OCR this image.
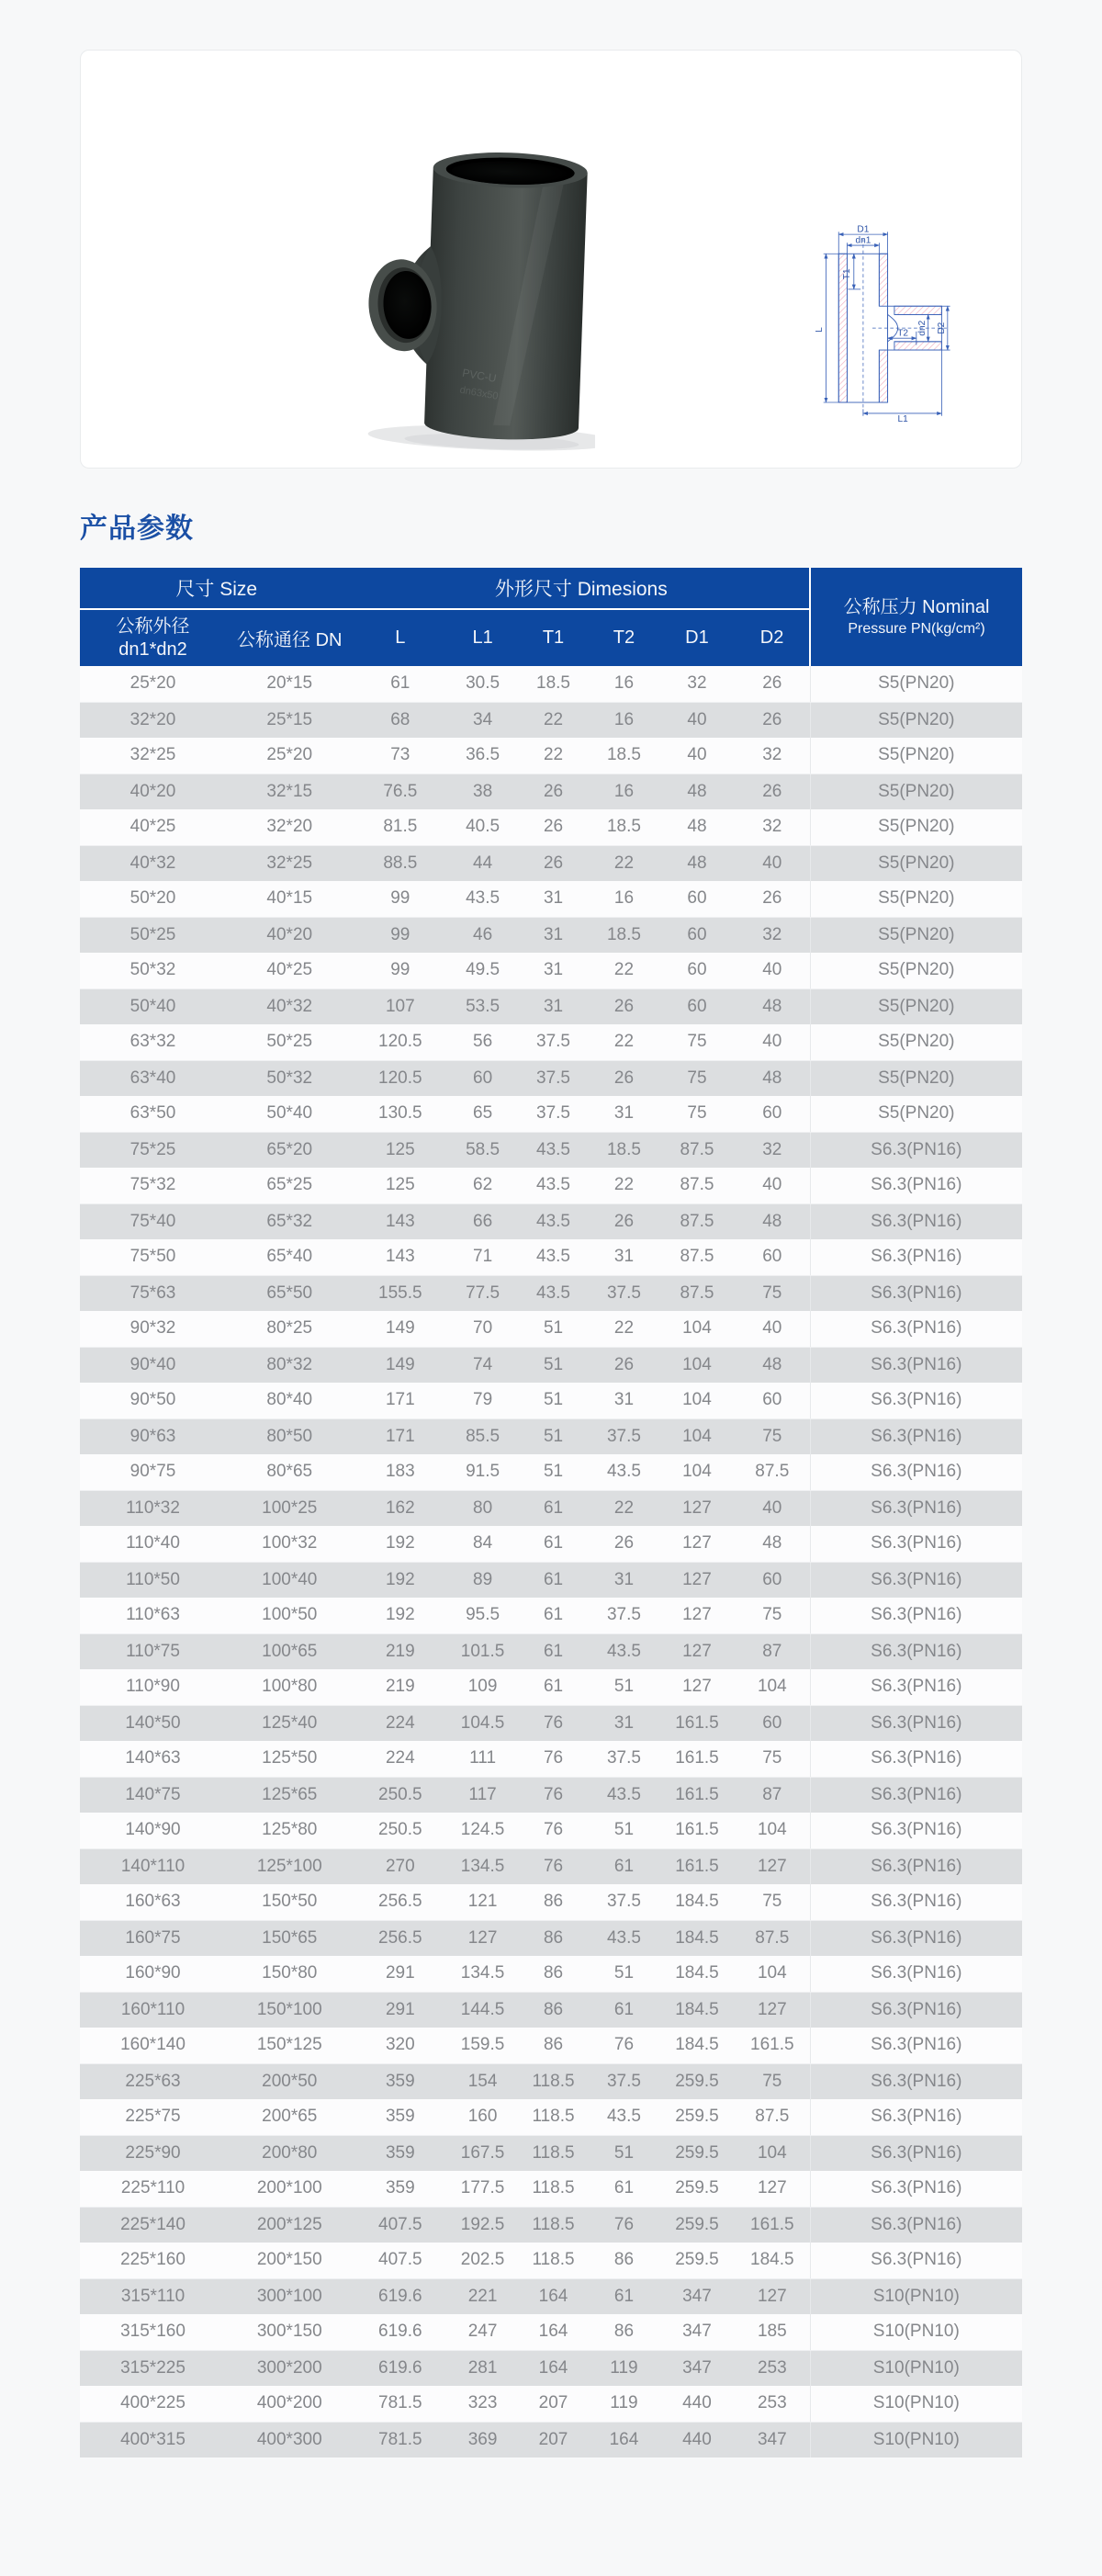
PVC-U
dn63x50
D1
dn1
T1
L	T2 dn2 D2
L1
产品参数
尺寸 Size		外形尺寸 Dimesions						公称压力 Nominal
Pressure PN(kg/cm²)

公称外径 dn1*dn2	公称通径 DN	L	L1	T1	T2	D1	D2	
25*20	20*15	61	30.5	18.5	16	32	26	S5(PN20)
32*20	25*15	68	34	22	16	40	26	S5(PN20)
32*25	25*20	73	36.5	22	18.5	40	32	S5(PN20)
40*20	32*15	76.5	38	26	16	48	26	S5(PN20)
40*25	32*20	81.5	40.5	26	18.5	48	32	S5(PN20)
40*32	32*25	88.5	44	26	22	48	40	S5(PN20)
50*20	40*15	99	43.5	31	16	60	26	S5(PN20)
50*25	40*20	99	46	31	18.5	60	32	S5(PN20)
50*32	40*25	99	49.5	31	22	60	40	S5(PN20)
50*40	40*32	107	53.5	31	26	60	48	S5(PN20)
63*32	50*25	120.5	56	37.5	22	75	40	S5(PN20)
63*40	50*32	120.5	60	37.5	26	75	48	S5(PN20)
63*50	50*40	130.5	65	37.5	31	75	60	S5(PN20)
75*25	65*20	125	58.5	43.5	18.5	87.5	32	S6.3(PN16)
75*32	65*25	125	62	43.5	22	87.5	40	S6.3(PN16)
75*40	65*32	143	66	43.5	26	87.5	48	S6.3(PN16)
75*50	65*40	143	71	43.5	31	87.5	60	S6.3(PN16)
75*63	65*50	155.5	77.5	43.5	37.5	87.5	75	S6.3(PN16)
90*32	80*25	149	70	51	22	104	40	S6.3(PN16)
90*40	80*32	149	74	51	26	104	48	S6.3(PN16)
90*50	80*40	171	79	51	31	104	60	S6.3(PN16)
90*63	80*50	171	85.5	51	37.5	104	75	S6.3(PN16)
90*75	80*65	183	91.5	51	43.5	104	87.5	S6.3(PN16)
110*32	100*25	162	80	61	22	127	40	S6.3(PN16)
110*40	100*32	192	84	61	26	127	48	S6.3(PN16)
110*50	100*40	192	89	61	31	127	60	S6.3(PN16)
110*63	100*50	192	95.5	61	37.5	127	75	S6.3(PN16)
110*75	100*65	219	101.5	61	43.5	127	87	S6.3(PN16)
110*90	100*80	219	109	61	51	127	104	S6.3(PN16)
140*50	125*40	224	104.5	76	31	161.5	60	S6.3(PN16)
140*63	125*50	224	111	76	37.5	161.5	75	S6.3(PN16)
140*75	125*65	250.5	117	76	43.5	161.5	87	S6.3(PN16)
140*90	125*80	250.5	124.5	76	51	161.5	104	S6.3(PN16)
140*110	125*100	270	134.5	76	61	161.5	127	S6.3(PN16)
160*63	150*50	256.5	121	86	37.5	184.5	75	S6.3(PN16)
160*75	150*65	256.5	127	86	43.5	184.5	87.5	S6.3(PN16)
160*90	150*80	291	134.5	86	51	184.5	104	S6.3(PN16)
160*110	150*100	291	144.5	86	61	184.5	127	S6.3(PN16)
160*140	150*125	320	159.5	86	76	184.5	161.5	S6.3(PN16)
225*63	200*50	359	154	118.5	37.5	259.5	75	S6.3(PN16)
225*75	200*65	359	160	118.5	43.5	259.5	87.5	S6.3(PN16)
225*90	200*80	359	167.5	118.5	51	259.5	104	S6.3(PN16)
225*110	200*100	359	177.5	118.5	61	259.5	127	S6.3(PN16)
225*140	200*125	407.5	192.5	118.5	76	259.5	161.5	S6.3(PN16)
225*160	200*150	407.5	202.5	118.5	86	259.5	184.5	S6.3(PN16)
315*110	300*100	619.6	221	164	61	347	127	S10(PN10)
315*160	300*150	619.6	247	164	86	347	185	S10(PN10)
315*225	300*200	619.6	281	164	119	347	253	S10(PN10)
400*225	400*200	781.5	323	207	119	440	253	S10(PN10)
400*315	400*300	781.5	369	207	164	440	347	S10(PN10)
